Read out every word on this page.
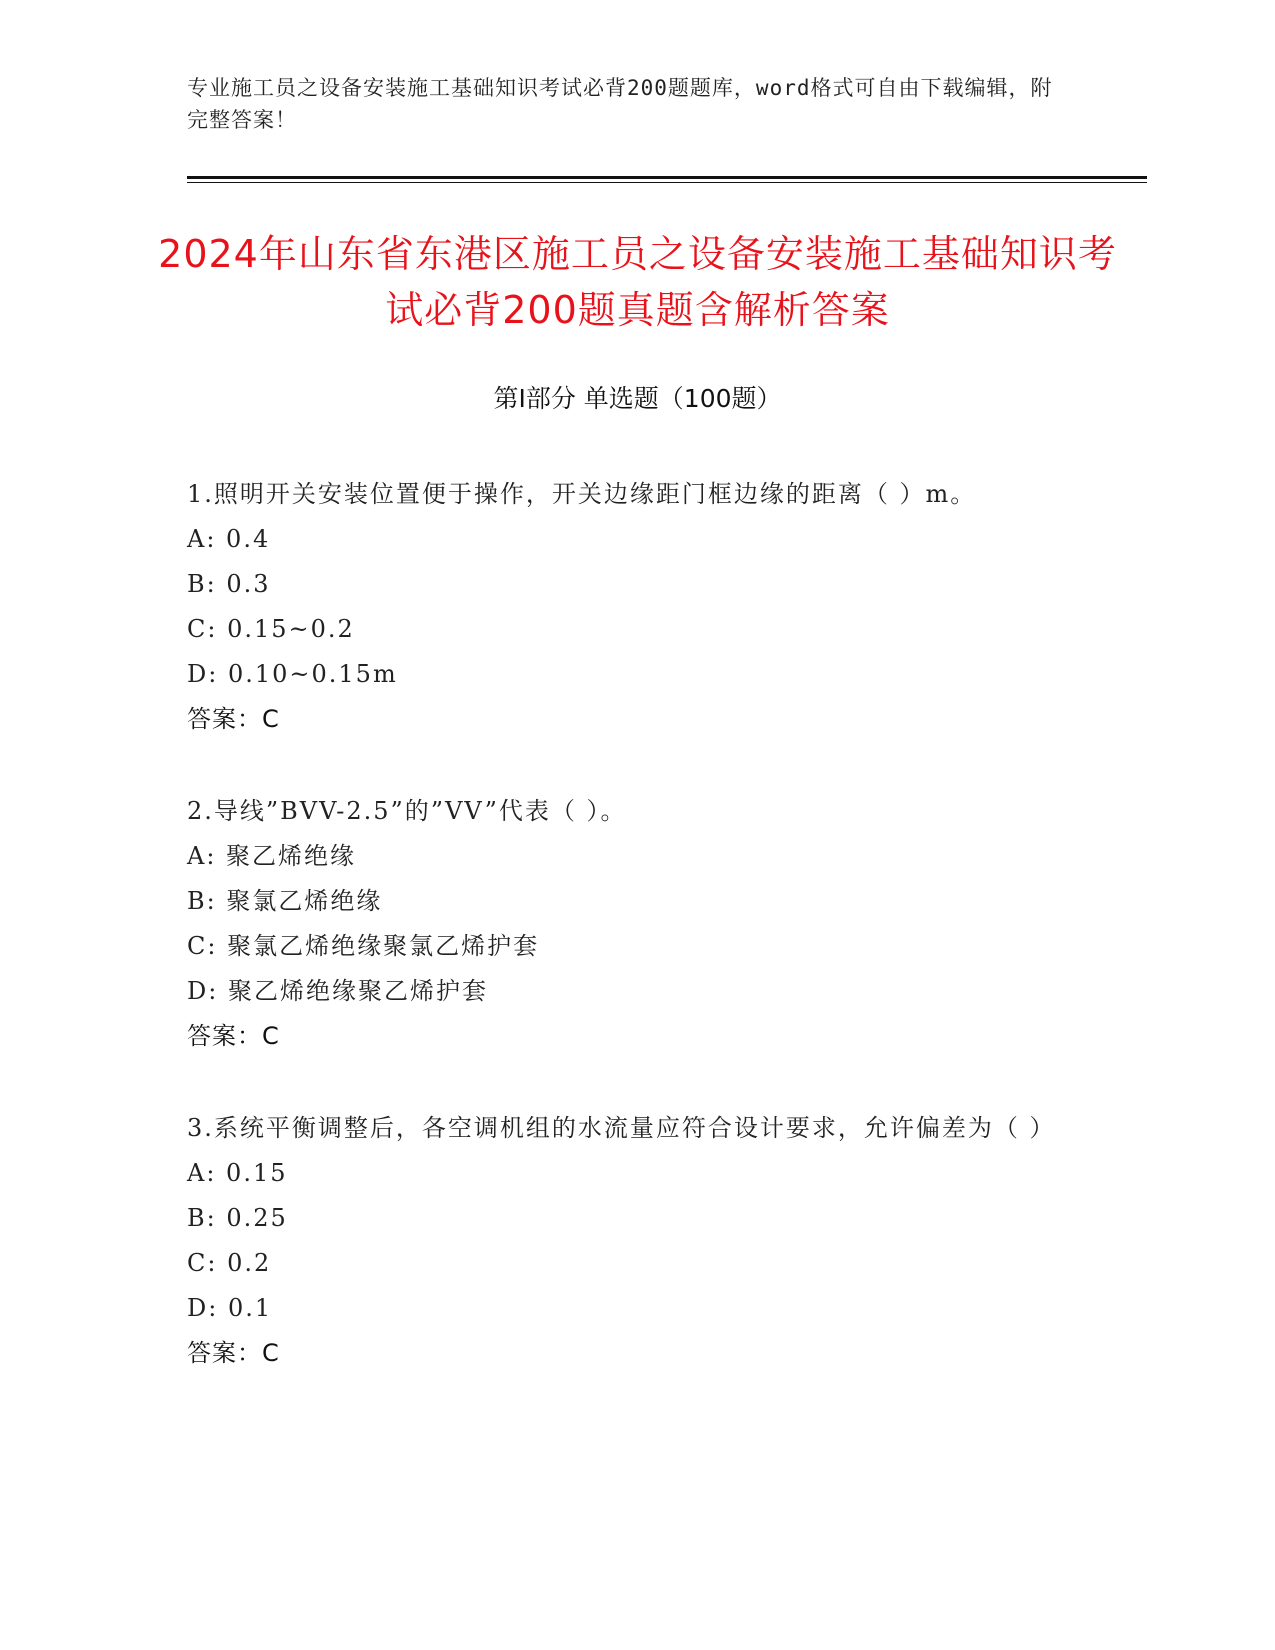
专业施工员之设备安装施工基础知识考试必背200题题库，word格式可自由下载编辑，附完整答案！
2024年山东省东港区施工员之设备安装施工基础知识考试必背200题真题含解析答案
第Ⅰ部分 单选题（100题）
1.照明开关安装位置便于操作，开关边缘距门框边缘的距离（ ）m。
A: 0.4
B: 0.3
C: 0.15~0.2
D: 0.10~0.15m
答案：C
2.导线”BVV-2.5”的”VV”代表（ ）。
A: 聚乙烯绝缘
B: 聚氯乙烯绝缘
C: 聚氯乙烯绝缘聚氯乙烯护套
D: 聚乙烯绝缘聚乙烯护套
答案：C
3.系统平衡调整后，各空调机组的水流量应符合设计要求，允许偏差为（ ）
A: 0.15
B: 0.25
C: 0.2
D: 0.1
答案：C
